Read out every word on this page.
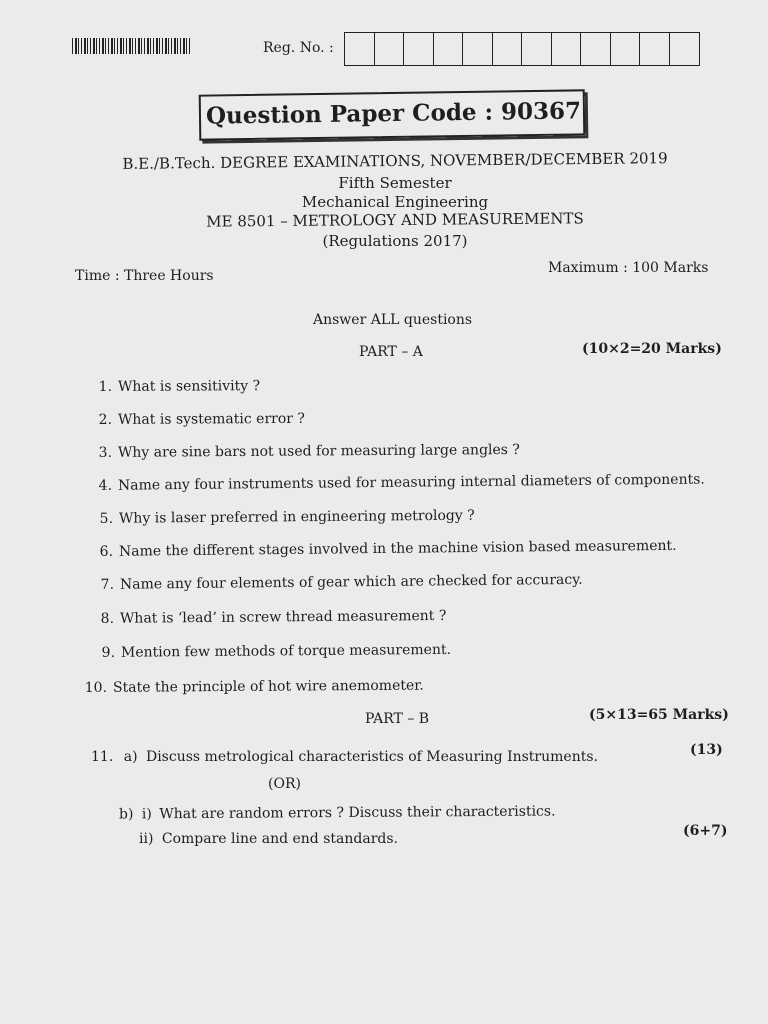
Reg. No. :
Question Paper Code : 90367
B.E./B.Tech. DEGREE EXAMINATIONS, NOVEMBER/DECEMBER 2019
Fifth Semester
Mechanical Engineering
ME 8501 – METROLOGY AND MEASUREMENTS
(Regulations 2017)
Time : Three Hours	Maximum : 100 Marks
Answer ALL questions
PART – A	(10×2=20 Marks)
1. What is sensitivity ?
2. What is systematic error ?
3. Why are sine bars not used for measuring large angles ?
4. Name any four instruments used for measuring internal diameters of components.
5. Why is laser preferred in engineering metrology ?
6. Name the different stages involved in the machine vision based measurement.
7. Name any four elements of gear which are checked for accuracy.
8. What is ‘lead’ in screw thread measurement ?
9. Mention few methods of torque measurement.
10. State the principle of hot wire anemometer.
PART – B	(5×13=65 Marks)
11. a) Discuss metrological characteristics of Measuring Instruments.	(13)
(OR)
b) i) What are random errors ? Discuss their characteristics.
ii) Compare line and end standards.	(6+7)
